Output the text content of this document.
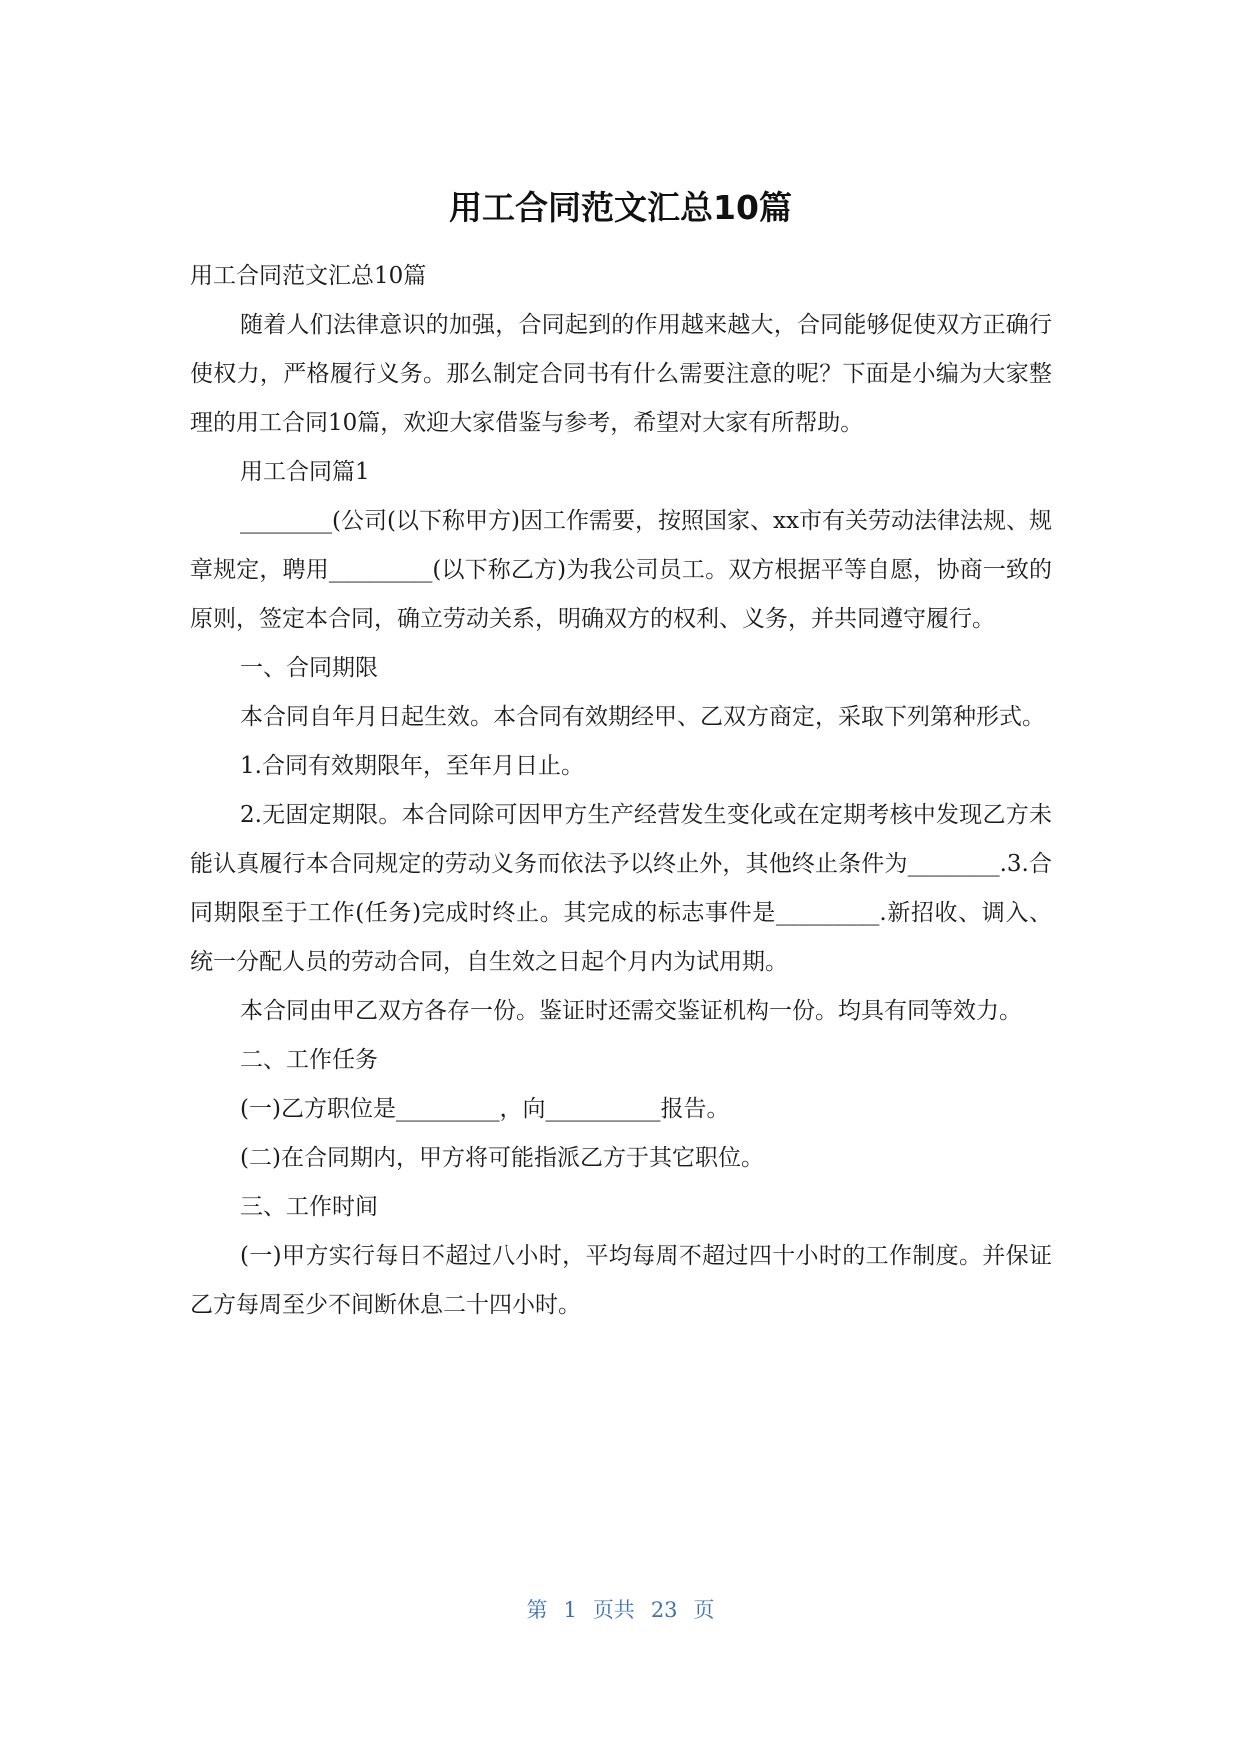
用工合同范文汇总10篇

用工合同范文汇总10篇

随着人们法律意识的加强，合同起到的作用越来越大，合同能够促使双方正确行使权力，严格履行义务。那么制定合同书有什么需要注意的呢？下面是小编为大家整理的用工合同10篇，欢迎大家借鉴与参考，希望对大家有所帮助。

用工合同篇1

________(公司(以下称甲方)因工作需要，按照国家、xx市有关劳动法律法规、规章规定，聘用_________(以下称乙方)为我公司员工。双方根据平等自愿，协商一致的原则，签定本合同，确立劳动关系，明确双方的权利、义务，并共同遵守履行。

一、合同期限

本合同自年月日起生效。本合同有效期经甲、乙双方商定，采取下列第种形式。

1.合同有效期限年，至年月日止。

2.无固定期限。本合同除可因甲方生产经营发生变化或在定期考核中发现乙方未能认真履行本合同规定的劳动义务而依法予以终止外，其他终止条件为________.3.合同期限至于工作(任务)完成时终止。其完成的标志事件是_________.新招收、调入、统一分配人员的劳动合同，自生效之日起个月内为试用期。

本合同由甲乙双方各存一份。鉴证时还需交鉴证机构一份。均具有同等效力。

二、工作任务

(一)乙方职位是_________，向__________报告。

(二)在合同期内，甲方将可能指派乙方于其它职位。

三、工作时间

(一)甲方实行每日不超过八小时，平均每周不超过四十小时的工作制度。并保证乙方每周至少不间断休息二十四小时。

第 1 页共 23 页
